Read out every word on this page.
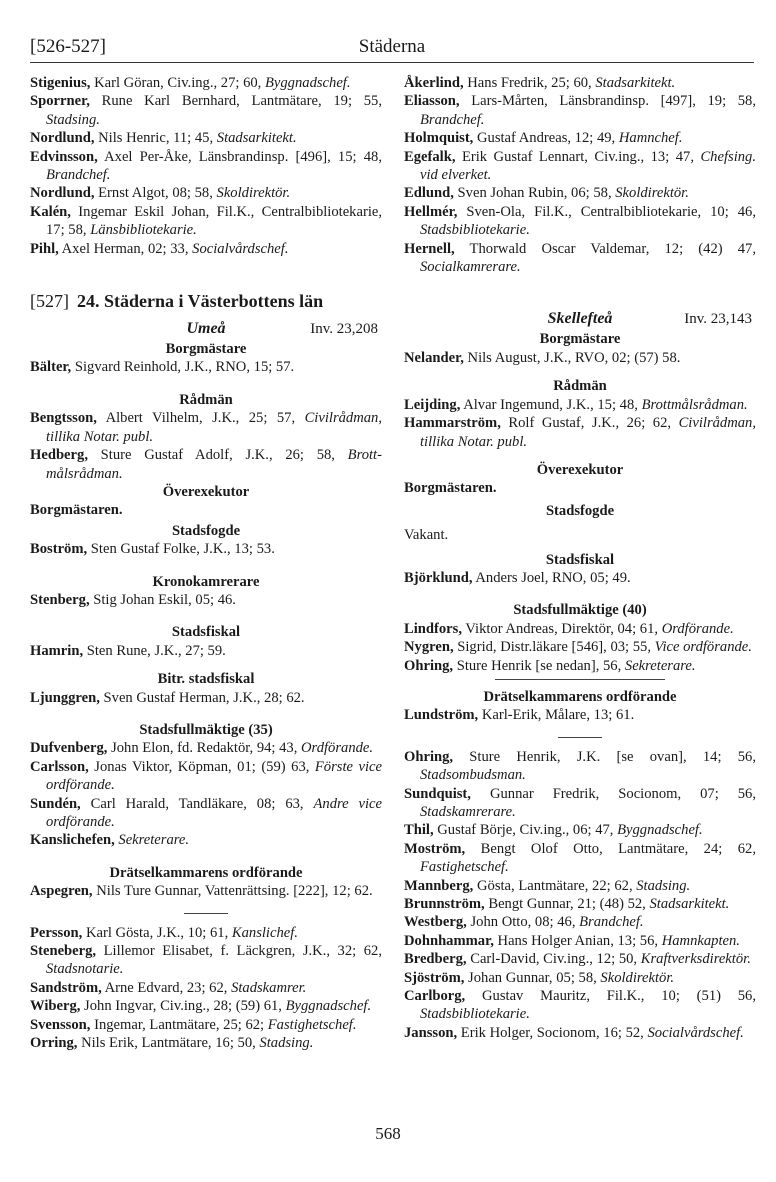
Städerna
[526-527]

Stigenius, Karl Göran, Civ.ing., 27; 60, Byggnadschef.

Sporrner, Rune Karl Bernhard, Lantmätare, 19; 55, Stadsing.

Nordlund, Nils Henric, 11; 45, Stadsarkitekt.

Edvinsson, Axel Per-Åke, Länsbrandinsp. [496], 15; 48, Brandchef.

Nordlund, Ernst Algot, 08; 58, Skoldirektör.

Kalén, Ingemar Eskil Johan, Fil.K., Centralbibliotekarie, 17; 58, Länsbibliotekarie.

Pihl, Axel Herman, 02; 33, Socialvårdschef.

[527] 24. Städerna i Västerbottens län
Umeå	Inv. 23,208
Borgmästare

Bälter, Sigvard Reinhold, J.K., RNO, 15; 57.

Rådmän

Bengtsson, Albert Vilhelm, J.K., 25; 57, Civilrådman, tillika Notar. publ.

Hedberg, Sture Gustaf Adolf, J.K., 26; 58, Brottmålsrådman.

Överexekutor
Borgmästaren.
Stadsfogde

Boström, Sten Gustaf Folke, J.K., 13; 53.

Kronokamrerare

Stenberg, Stig Johan Eskil, 05; 46.

Stadsfiskal

Hamrin, Sten Rune, J.K., 27; 59.

Bitr. stadsfiskal

Ljunggren, Sven Gustaf Herman, J.K., 28; 62.

Stadsfullmäktige (35)

Dufvenberg, John Elon, fd. Redaktör, 94; 43, Ordförande.

Carlsson, Jonas Viktor, Köpman, 01; (59) 63, Förste vice ordförande.

Sundén, Carl Harald, Tandläkare, 08; 63, Andre vice ordförande.

Kanslichefen, Sekreterare.

Drätselkammarens ordförande

Aspegren, Nils Ture Gunnar, Vattenrättsing. [222], 12; 62.

Persson, Karl Gösta, J.K., 10; 61, Kanslichef.

Steneberg, Lillemor Elisabet, f. Läckgren, J.K., 32; 62, Stadsnotarie.

Sandström, Arne Edvard, 23; 62, Stadskamrer.

Wiberg, John Ingvar, Civ.ing., 28; (59) 61, Byggnadschef.

Svensson, Ingemar, Lantmätare, 25; 62; Fastighetschef.

Orring, Nils Erik, Lantmätare, 16; 50, Stadsing.

Åkerlind, Hans Fredrik, 25; 60, Stadsarkitekt.

Eliasson, Lars-Mårten, Länsbrandinsp. [497], 19; 58, Brandchef.

Holmquist, Gustaf Andreas, 12; 49, Hamnchef.

Egefalk, Erik Gustaf Lennart, Civ.ing., 13; 47, Chefsing. vid elverket.

Edlund, Sven Johan Rubin, 06; 58, Skoldirektör.

Hellmér, Sven-Ola, Fil.K., Centralbibliotekarie, 10; 46, Stadsbibliotekarie.

Hernell, Thorwald Oscar Valdemar, 12; (42) 47, Socialkamrerare.

Skellefteå	Inv. 23,143
Borgmästare

Nelander, Nils August, J.K., RVO, 02; (57) 58.

Rådmän

Leijding, Alvar Ingemund, J.K., 15; 48, Brottmålsrådman.

Hammarström, Rolf Gustaf, J.K., 26; 62, Civilrådman, tillika Notar. publ.

Överexekutor
Borgmästaren.
Stadsfogde
Vakant.
Stadsfiskal

Björklund, Anders Joel, RNO, 05; 49.

Stadsfullmäktige (40)

Lindfors, Viktor Andreas, Direktör, 04; 61, Ordförande.

Nygren, Sigrid, Distr.läkare [546], 03; 55, Vice ordförande.

Ohring, Sture Henrik [se nedan], 56, Sekreterare.

Drätselkammarens ordförande

Lundström, Karl-Erik, Målare, 13; 61.

Ohring, Sture Henrik, J.K. [se ovan], 14; 56, Stadsombudsman.

Sundquist, Gunnar Fredrik, Socionom, 07; 56, Stadskamrerare.

Thil, Gustaf Börje, Civ.ing., 06; 47, Byggnadschef.

Moström, Bengt Olof Otto, Lantmätare, 24; 62, Fastighetschef.

Mannberg, Gösta, Lantmätare, 22; 62, Stadsing.

Brunnström, Bengt Gunnar, 21; (48) 52, Stadsarkitekt.

Westberg, John Otto, 08; 46, Brandchef.

Dohnhammar, Hans Holger Anian, 13; 56, Hamnkapten.

Bredberg, Carl-David, Civ.ing., 12; 50, Kraftverksdirektör.

Sjöström, Johan Gunnar, 05; 58, Skoldirektör.

Carlborg, Gustav Mauritz, Fil.K., 10; (51) 56, Stadsbibliotekarie.

Jansson, Erik Holger, Socionom, 16; 52, Socialvårdschef.

568
